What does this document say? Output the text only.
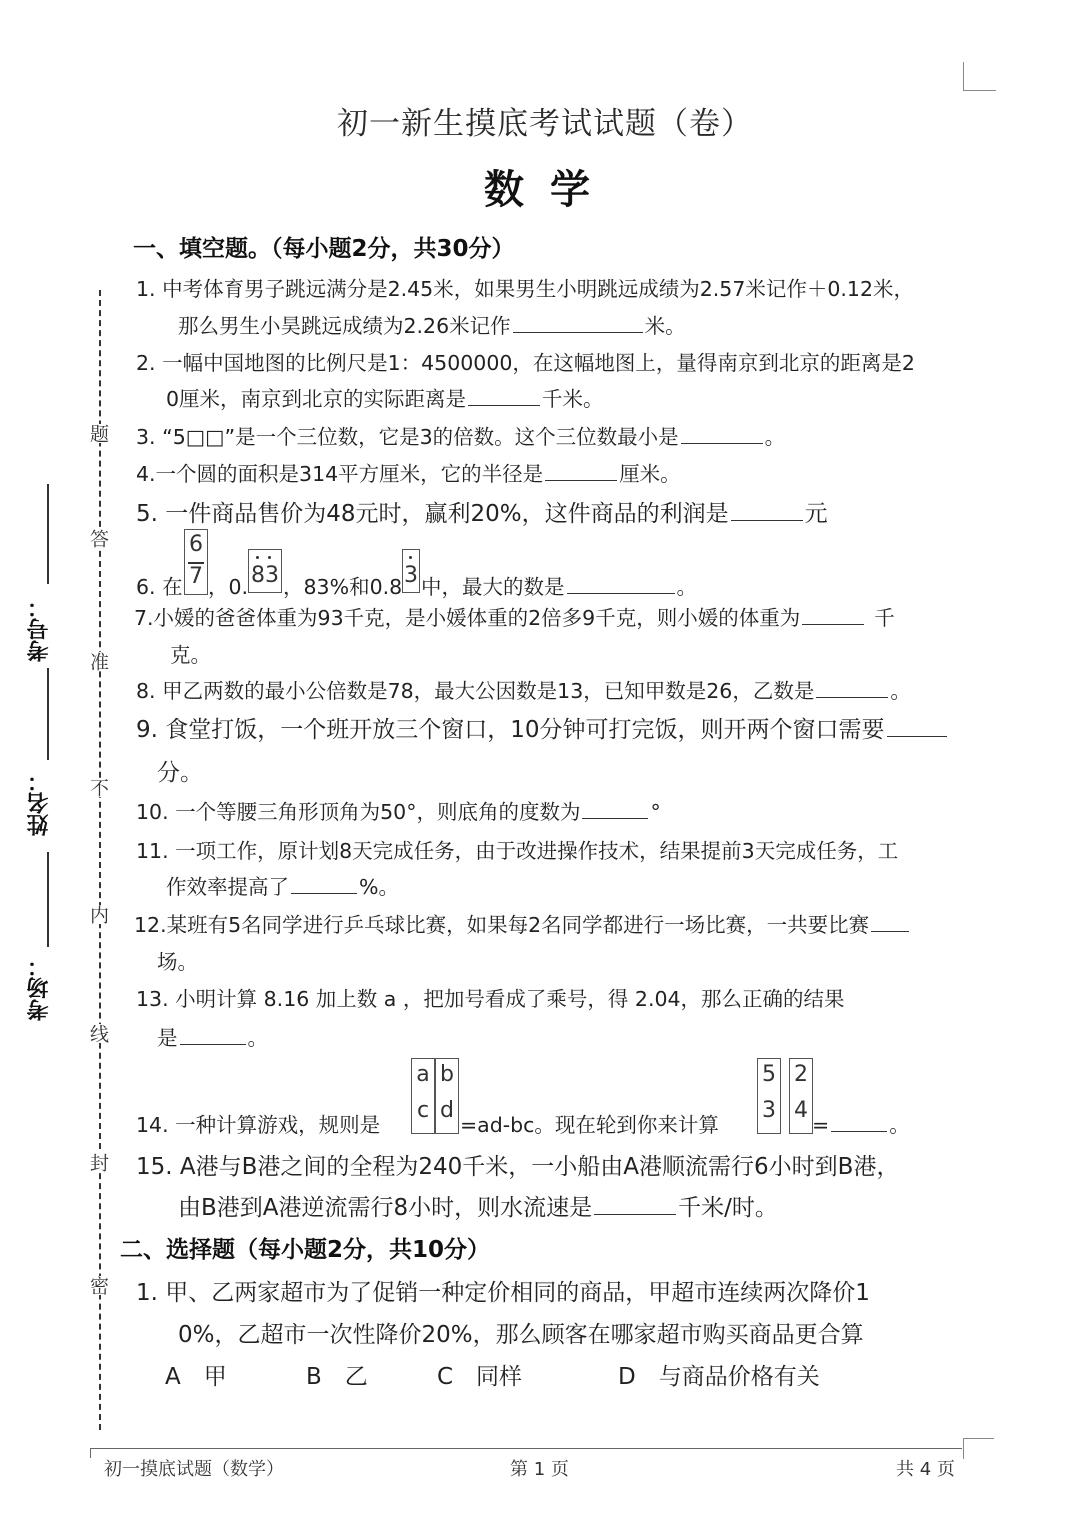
题
答
准
不
内
线
封
密
考场：
姓名：
考号：
初一新生摸底考试试题（卷）
数学
一、填空题。（每小题2分，共30分）
1. 中考体育男子跳远满分是2.45米，如果男生小明跳远成绩为2.57米记作＋0.12米，
那么男生小昊跳远成绩为2.26米记作	米。
2. 一幅中国地图的比例尺是1：4500000，在这幅地图上，量得南京到北京的距离是2
0厘米，南京到北京的实际距离是	千米。
3. “5□□”是一个三位数，它是3的倍数。这个三位数最小是	。
4.一个圆的面积是314平方厘米，它的半径是	厘米。
5. 一件商品售价为48元时，赢利20%，这件商品的利润是	元
6. 在
6
7 ，0. 83 ，83%和0.8 3 中，最大的数是	。
7.小媛的爸爸体重为93千克，是小媛体重的2倍多9千克，则小媛的体重为	千
克。
8. 甲乙两数的最小公倍数是78，最大公因数是13，已知甲数是26，乙数是	。
9. 食堂打饭，一个班开放三个窗口，10分钟可打完饭，则开两个窗口需要
分。
10. 一个等腰三角形顶角为50°，则底角的度数为	°
11. 一项工作，原计划8天完成任务，由于改进操作技术，结果提前3天完成任务，工
作效率提高了	%。
12.某班有5名同学进行乒乓球比赛，如果每2名同学都进行一场比赛，一共要比赛
场。
13. 小明计算 8.16 加上数 a ，把加号看成了乘号，得 2.04，那么正确的结果
是	。
14. 一种计算游戏，规则是
a b
c d
=ad-bc。现在轮到你来计算
5 2
3 4
=	。
15. A港与B港之间的全程为240千米，一小船由A港顺流需行6小时到B港，
由B港到A港逆流需行8小时，则水流速是	千米/时。
二、选择题（每小题2分，共10分）
1. 甲、乙两家超市为了促销一种定价相同的商品，甲超市连续两次降价1
0%，乙超市一次性降价20%，那么顾客在哪家超市购买商品更合算
A　甲	B　乙	C　同样	D　与商品价格有关
初一摸底试题（数学）	第 1 页	共 4 页
